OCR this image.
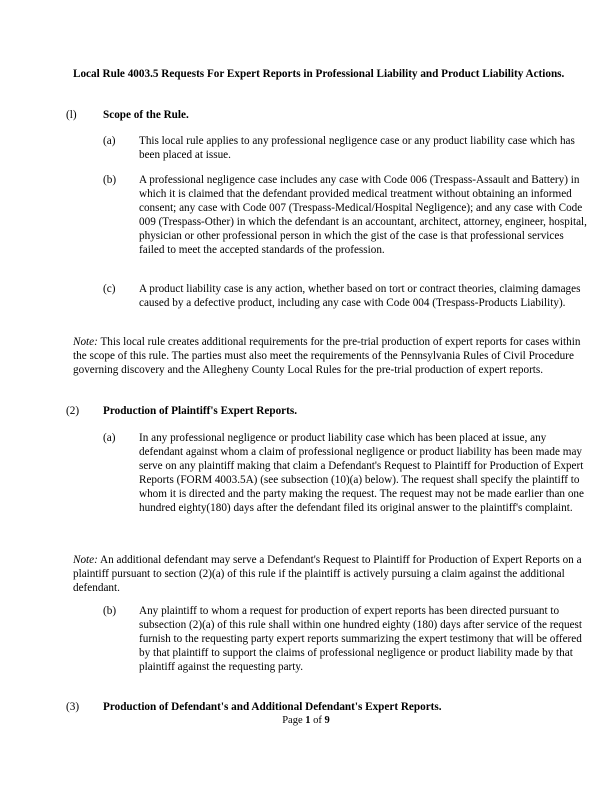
Local Rule 4003.5 Requests For Expert Reports in Professional Liability and Product Liability Actions.
(l) Scope of the Rule.
(a) This local rule applies to any professional negligence case or any product liability case which has been placed at issue.
(b) A professional negligence case includes any case with Code 006 (Trespass-Assault and Battery) in which it is claimed that the defendant provided medical treatment without obtaining an informed consent; any case with Code 007 (Trespass-Medical/Hospital Negligence); and any case with Code 009 (Trespass-Other) in which the defendant is an accountant, architect, attorney, engineer, hospital, physician or other professional person in which the gist of the case is that professional services failed to meet the accepted standards of the profession.
(c) A product liability case is any action, whether based on tort or contract theories, claiming damages caused by a defective product, including any case with Code 004 (Trespass-Products Liability).
Note: This local rule creates additional requirements for the pre-trial production of expert reports for cases within the scope of this rule. The parties must also meet the requirements of the Pennsylvania Rules of Civil Procedure governing discovery and the Allegheny County Local Rules for the pre-trial production of expert reports.
(2) Production of Plaintiff's Expert Reports.
(a) In any professional negligence or product liability case which has been placed at issue, any defendant against whom a claim of professional negligence or product liability has been made may serve on any plaintiff making that claim a Defendant's Request to Plaintiff for Production of Expert Reports (FORM 4003.5A) (see subsection (10)(a) below). The request shall specify the plaintiff to whom it is directed and the party making the request. The request may not be made earlier than one hundred eighty(180) days after the defendant filed its original answer to the plaintiff's complaint.
Note: An additional defendant may serve a Defendant's Request to Plaintiff for Production of Expert Reports on a plaintiff pursuant to section (2)(a) of this rule if the plaintiff is actively pursuing a claim against the additional defendant.
(b) Any plaintiff to whom a request for production of expert reports has been directed pursuant to subsection (2)(a) of this rule shall within one hundred eighty (180) days after service of the request furnish to the requesting party expert reports summarizing the expert testimony that will be offered by that plaintiff to support the claims of professional negligence or product liability made by that plaintiff against the requesting party.
(3) Production of Defendant's and Additional Defendant's Expert Reports.
Page 1 of 9
